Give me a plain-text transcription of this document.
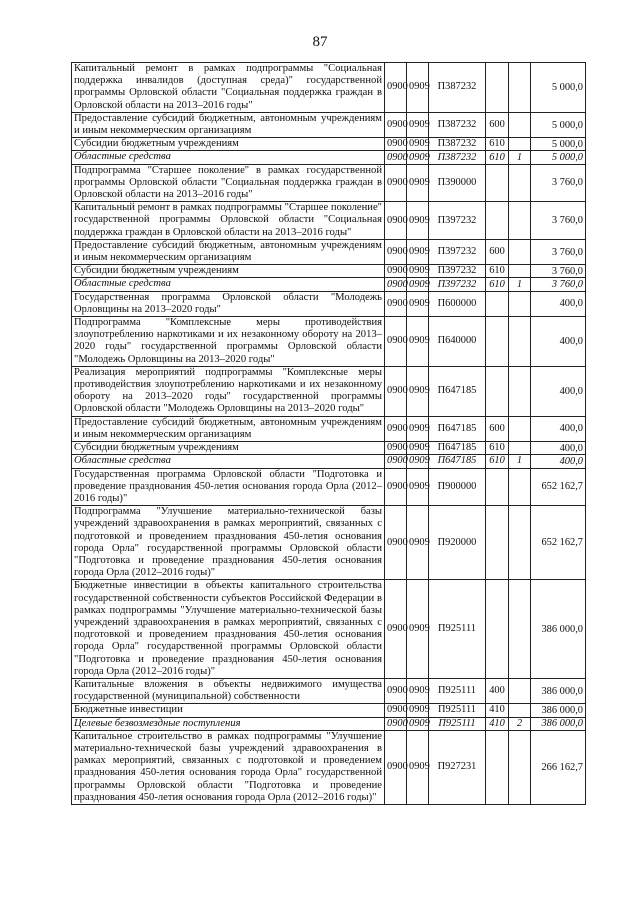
87
Капитальный ремонт в рамках подпрограммы "Социальная поддержка инвалидов (доступная среда)" государственной программы Орловской области "Социальная поддержка граждан в Орловской области на 2013–2016 годы"	0900	0909	П387232			5 000,0
Предоставление субсидий бюджетным, автономным учреждениям и иным некоммерческим организациям	0900	0909	П387232	600		5 000,0
Субсидии бюджетным учреждениям	0900	0909	П387232	610		5 000,0
Областные средства	0900	0909	П387232	610	1	5 000,0
Подпрограмма "Старшее поколение" в рамках государственной программы Орловской области "Социальная поддержка граждан в Орловской области на 2013–2016 годы"	0900	0909	П390000			3 760,0
Капитальный ремонт в рамках подпрограммы "Старшее поколение" государственной программы Орловской области "Социальная поддержка граждан в Орловской области на 2013–2016 годы"	0900	0909	П397232			3 760,0
Предоставление субсидий бюджетным, автономным учреждениям и иным некоммерческим организациям	0900	0909	П397232	600		3 760,0
Субсидии бюджетным учреждениям	0900	0909	П397232	610		3 760,0
Областные средства	0900	0909	П397232	610	1	3 760,0
Государственная программа Орловской области "Молодежь Орловщины на 2013–2020 годы"	0900	0909	П600000			400,0
Подпрограмма "Комплексные меры противодействия злоупотреблению наркотиками и их незаконному обороту на 2013–2020 годы" государственной программы Орловской области "Молодежь Орловщины на 2013–2020 годы"	0900	0909	П640000			400,0
Реализация мероприятий подпрограммы "Комплексные меры противодействия злоупотреблению наркотиками и их незаконному обороту на 2013–2020 годы" государственной программы Орловской области "Молодежь Орловщины на 2013–2020 годы"	0900	0909	П647185			400,0
Предоставление субсидий бюджетным, автономным учреждениям и иным некоммерческим организациям	0900	0909	П647185	600		400,0
Субсидии бюджетным учреждениям	0900	0909	П647185	610		400,0
Областные средства	0900	0909	П647185	610	1	400,0
Государственная программа Орловской области "Подготовка и проведение празднования 450-летия основания города Орла (2012–2016 годы)"	0900	0909	П900000			652 162,7
Подпрограмма "Улучшение материально-технической базы учреждений здравоохранения в рамках мероприятий, связанных с подготовкой и проведением празднования 450-летия основания города Орла" государственной программы Орловской области "Подготовка и проведение празднования 450-летия основания города Орла (2012–2016 годы)"	0900	0909	П920000			652 162,7
Бюджетные инвестиции в объекты капитального строительства государственной собственности субъектов Российской Федерации в рамках подпрограммы "Улучшение материально-технической базы учреждений здравоохранения в рамках мероприятий, связанных с подготовкой и проведением празднования 450-летия основания города Орла" государственной программы Орловской области "Подготовка и проведение празднования 450-летия основания города Орла (2012–2016 годы)"	0900	0909	П925111			386 000,0
Капитальные вложения в объекты недвижимого имущества государственной (муниципальной) собственности	0900	0909	П925111	400		386 000,0
Бюджетные инвестиции	0900	0909	П925111	410		386 000,0
Целевые безвозмездные поступления	0900	0909	П925111	410	2	386 000,0
Капитальное строительство в рамках подпрограммы "Улучшение материально-технической базы учреждений здравоохранения в рамках мероприятий, связанных с подготовкой и проведением празднования 450-летия основания города Орла" государственной программы Орловской области "Подготовка и проведение празднования 450-летия основания города Орла (2012–2016 годы)"	0900	0909	П927231			266 162,7
